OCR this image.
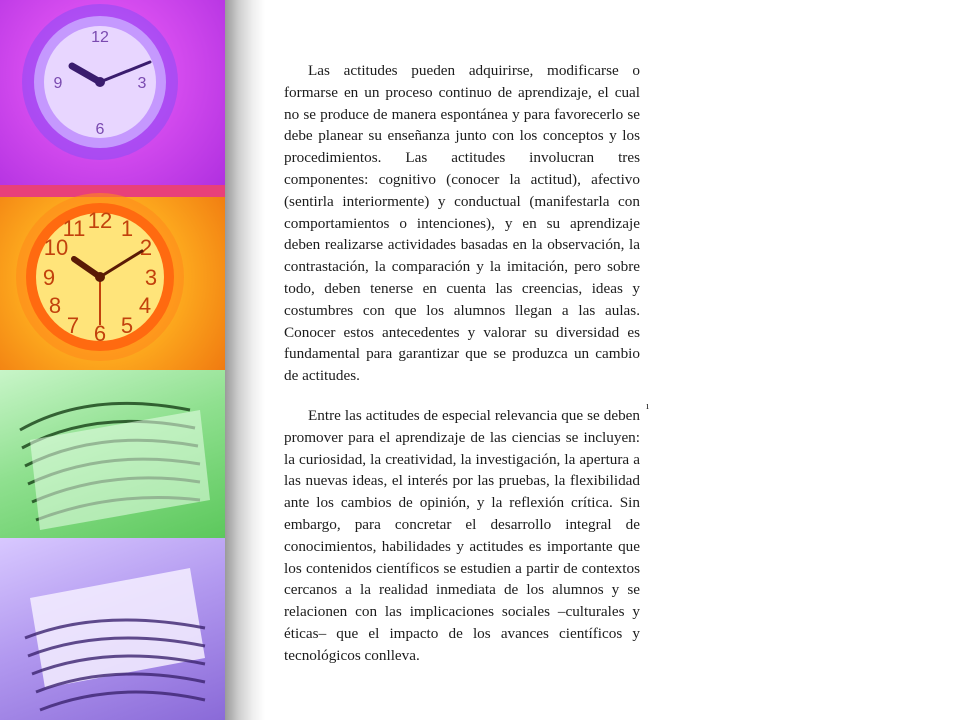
12
3
6
9
12 1
2
3
4
5
6
7
8
9
10
11

Las actitudes pueden adquirirse, modificarse o formarse en un proceso continuo de aprendizaje, el cual no se produce de manera espontánea y para favorecerlo se debe planear su enseñanza junto con los conceptos y los procedimientos. Las actitudes involucran tres componentes: cognitivo (conocer la actitud), afectivo (sentirla interiormente) y conductual (manifestarla con comportamientos o intenciones), y en su aprendizaje deben realizarse actividades basadas en la observación, la contrastación, la comparación y la imitación, pero sobre todo, deben tenerse en cuenta las creencias, ideas y costumbres con que los alumnos llegan a las aulas. Conocer estos antecedentes y valorar su diversidad es fundamental para garantizar que se produzca un cambio de actitudes.

Entre las actitudes de especial relevancia que se deben promover para el aprendizaje de las ciencias se incluyen: la curiosidad, la creatividad, la investigación, la apertura a las nuevas ideas, el interés por las pruebas, la flexibilidad ante los cambios de opinión, y la reflexión crítica. Sin embargo, para concretar el desarrollo integral de conocimientos, habilidades y actitudes es importante que los contenidos científicos se estudien a partir de contextos cercanos a la realidad inmediata de los alumnos y se relacionen con las implicaciones sociales –culturales y éticas– que el impacto de los avances científicos y tecnológicos conlleva.

ı
